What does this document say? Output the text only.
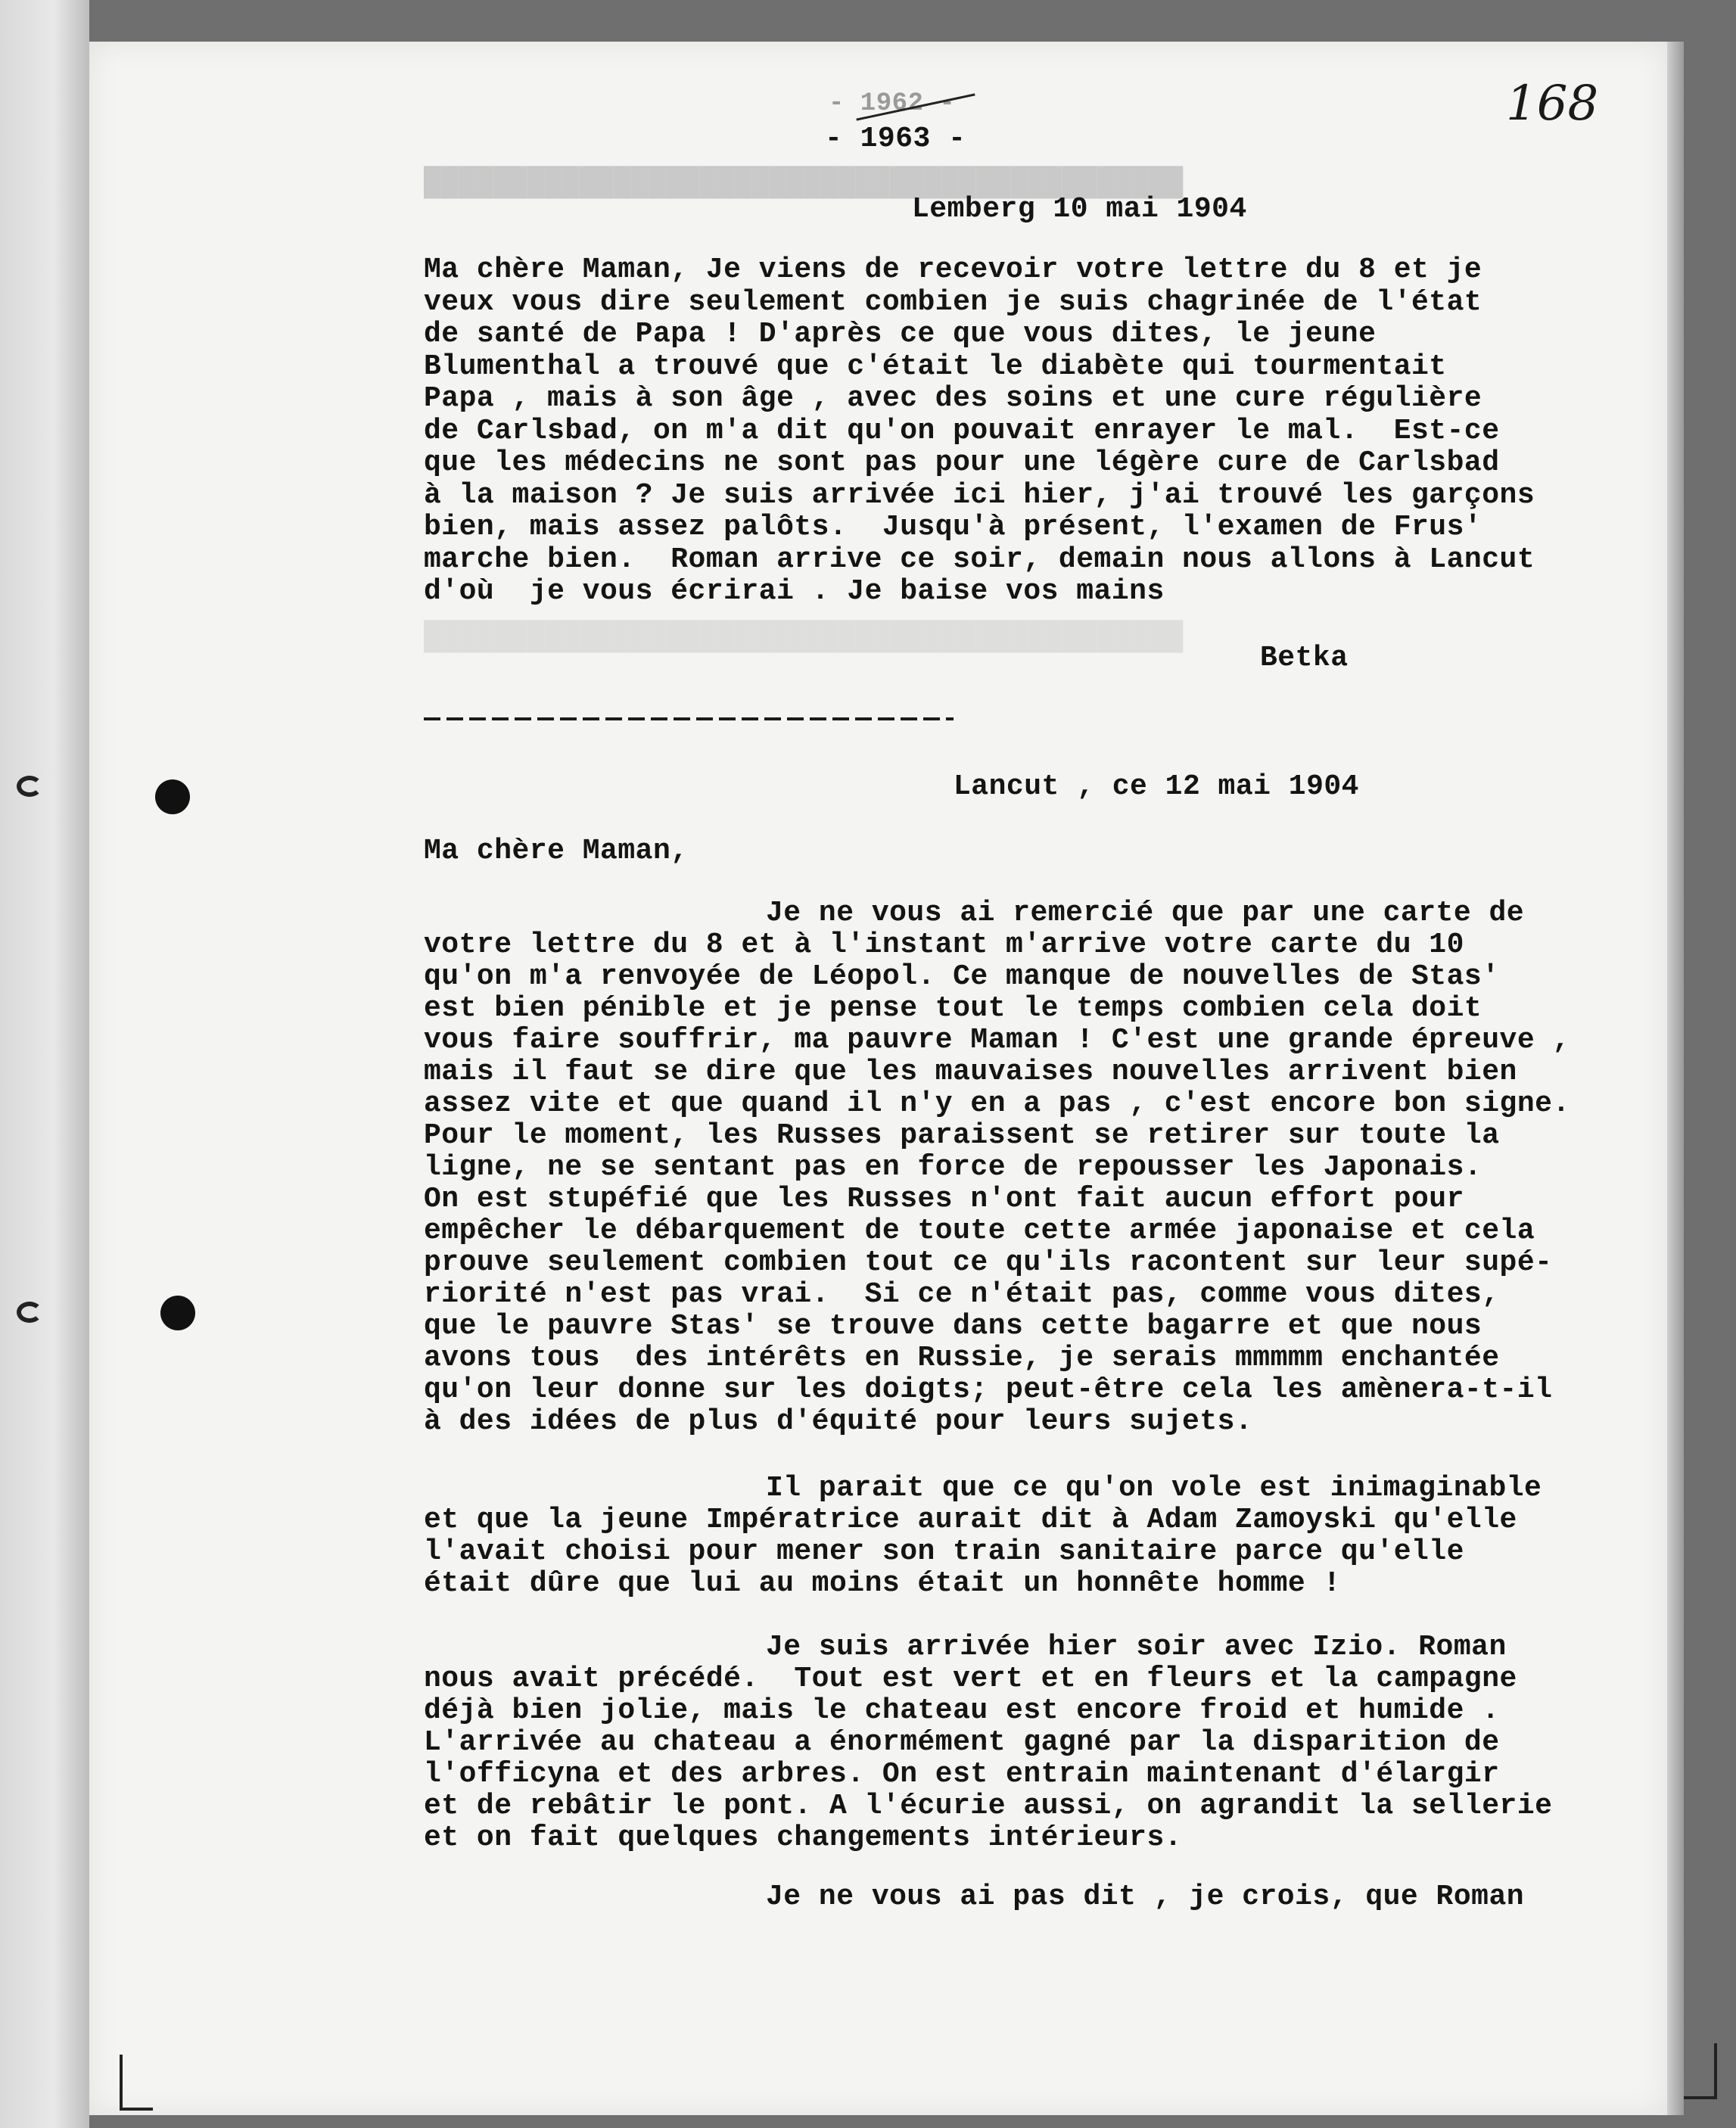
████████████████████████████████████████████
████████████████████████████████████████████
168
- 1962 -
- 1963 -
Lemberg 10 mai 1904
Ma chère Maman, Je viens de recevoir votre lettre du 8 et je
veux vous dire seulement combien je suis chagrinée de l'état
de santé de Papa ! D'après ce que vous dites, le jeune
Blumenthal a trouvé que c'était le diabète qui tourmentait
Papa , mais à son âge , avec des soins et une cure régulière
de Carlsbad, on m'a dit qu'on pouvait enrayer le mal.  Est-ce
que les médecins ne sont pas pour une légère cure de Carlsbad
à la maison ? Je suis arrivée ici hier, j'ai trouvé les garçons
bien, mais assez palôts.  Jusqu'à présent, l'examen de Frus'
marche bien.  Roman arrive ce soir, demain nous allons à Lancut
d'où  je vous écrirai . Je baise vos mains
Betka
Lancut , ce 12 mai 1904
Ma chère Maman,
Je ne vous ai remercié que par une carte de
votre lettre du 8 et à l'instant m'arrive votre carte du 10
qu'on m'a renvoyée de Léopol. Ce manque de nouvelles de Stas'
est bien pénible et je pense tout le temps combien cela doit
vous faire souffrir, ma pauvre Maman ! C'est une grande épreuve ,
mais il faut se dire que les mauvaises nouvelles arrivent bien
assez vite et que quand il n'y en a pas , c'est encore bon signe.
Pour le moment, les Russes paraissent se retirer sur toute la
ligne, ne se sentant pas en force de repousser les Japonais.
On est stupéfié que les Russes n'ont fait aucun effort pour
empêcher le débarquement de toute cette armée japonaise et cela
prouve seulement combien tout ce qu'ils racontent sur leur supé-
riorité n'est pas vrai.  Si ce n'était pas, comme vous dites,
que le pauvre Stas' se trouve dans cette bagarre et que nous
avons tous  des intérêts en Russie, je serais mmmmm enchantée
qu'on leur donne sur les doigts; peut-être cela les amènera-t-il
à des idées de plus d'équité pour leurs sujets.
Il parait que ce qu'on vole est inimaginable
et que la jeune Impératrice aurait dit à Adam Zamoyski qu'elle
l'avait choisi pour mener son train sanitaire parce qu'elle
était dûre que lui au moins était un honnête homme !
Je suis arrivée hier soir avec Izio. Roman
nous avait précédé.  Tout est vert et en fleurs et la campagne
déjà bien jolie, mais le chateau est encore froid et humide .
L'arrivée au chateau a énormément gagné par la disparition de
l'officyna et des arbres. On est entrain maintenant d'élargir
et de rebâtir le pont. A l'écurie aussi, on agrandit la sellerie
et on fait quelques changements intérieurs.
Je ne vous ai pas dit , je crois, que Roman
